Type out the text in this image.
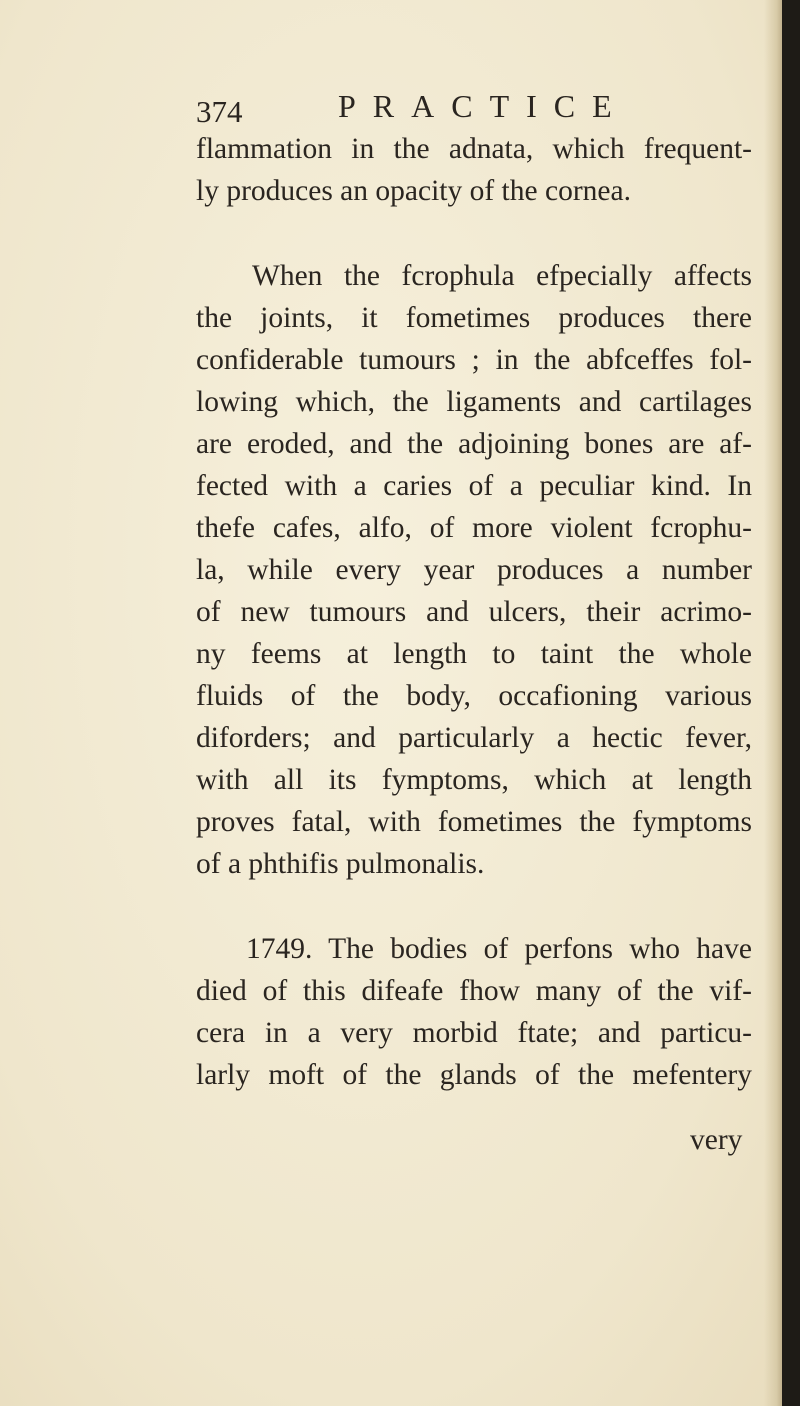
374	PRACTICE
flammation in the adnata, which frequent-
ly produces an opacity of the cornea.
When the fcrophula efpecially affects
the joints, it fometimes produces there
confiderable tumours ; in the abfceffes fol-
lowing which, the ligaments and cartilages
are eroded, and the adjoining bones are af-
fected with a caries of a peculiar kind. In
thefe cafes, alfo, of more violent fcrophu-
la, while every year produces a number
of new tumours and ulcers, their acrimo-
ny feems at length to taint the whole
fluids of the body, occafioning various
diforders; and particularly a hectic fever,
with all its fymptoms, which at length
proves fatal, with fometimes the fymptoms
of a phthifis pulmonalis.
1749. The bodies of perfons who have
died of this difeafe fhow many of the vif-
cera in a very morbid ftate; and particu-
larly moft of the glands of the mefentery
very
